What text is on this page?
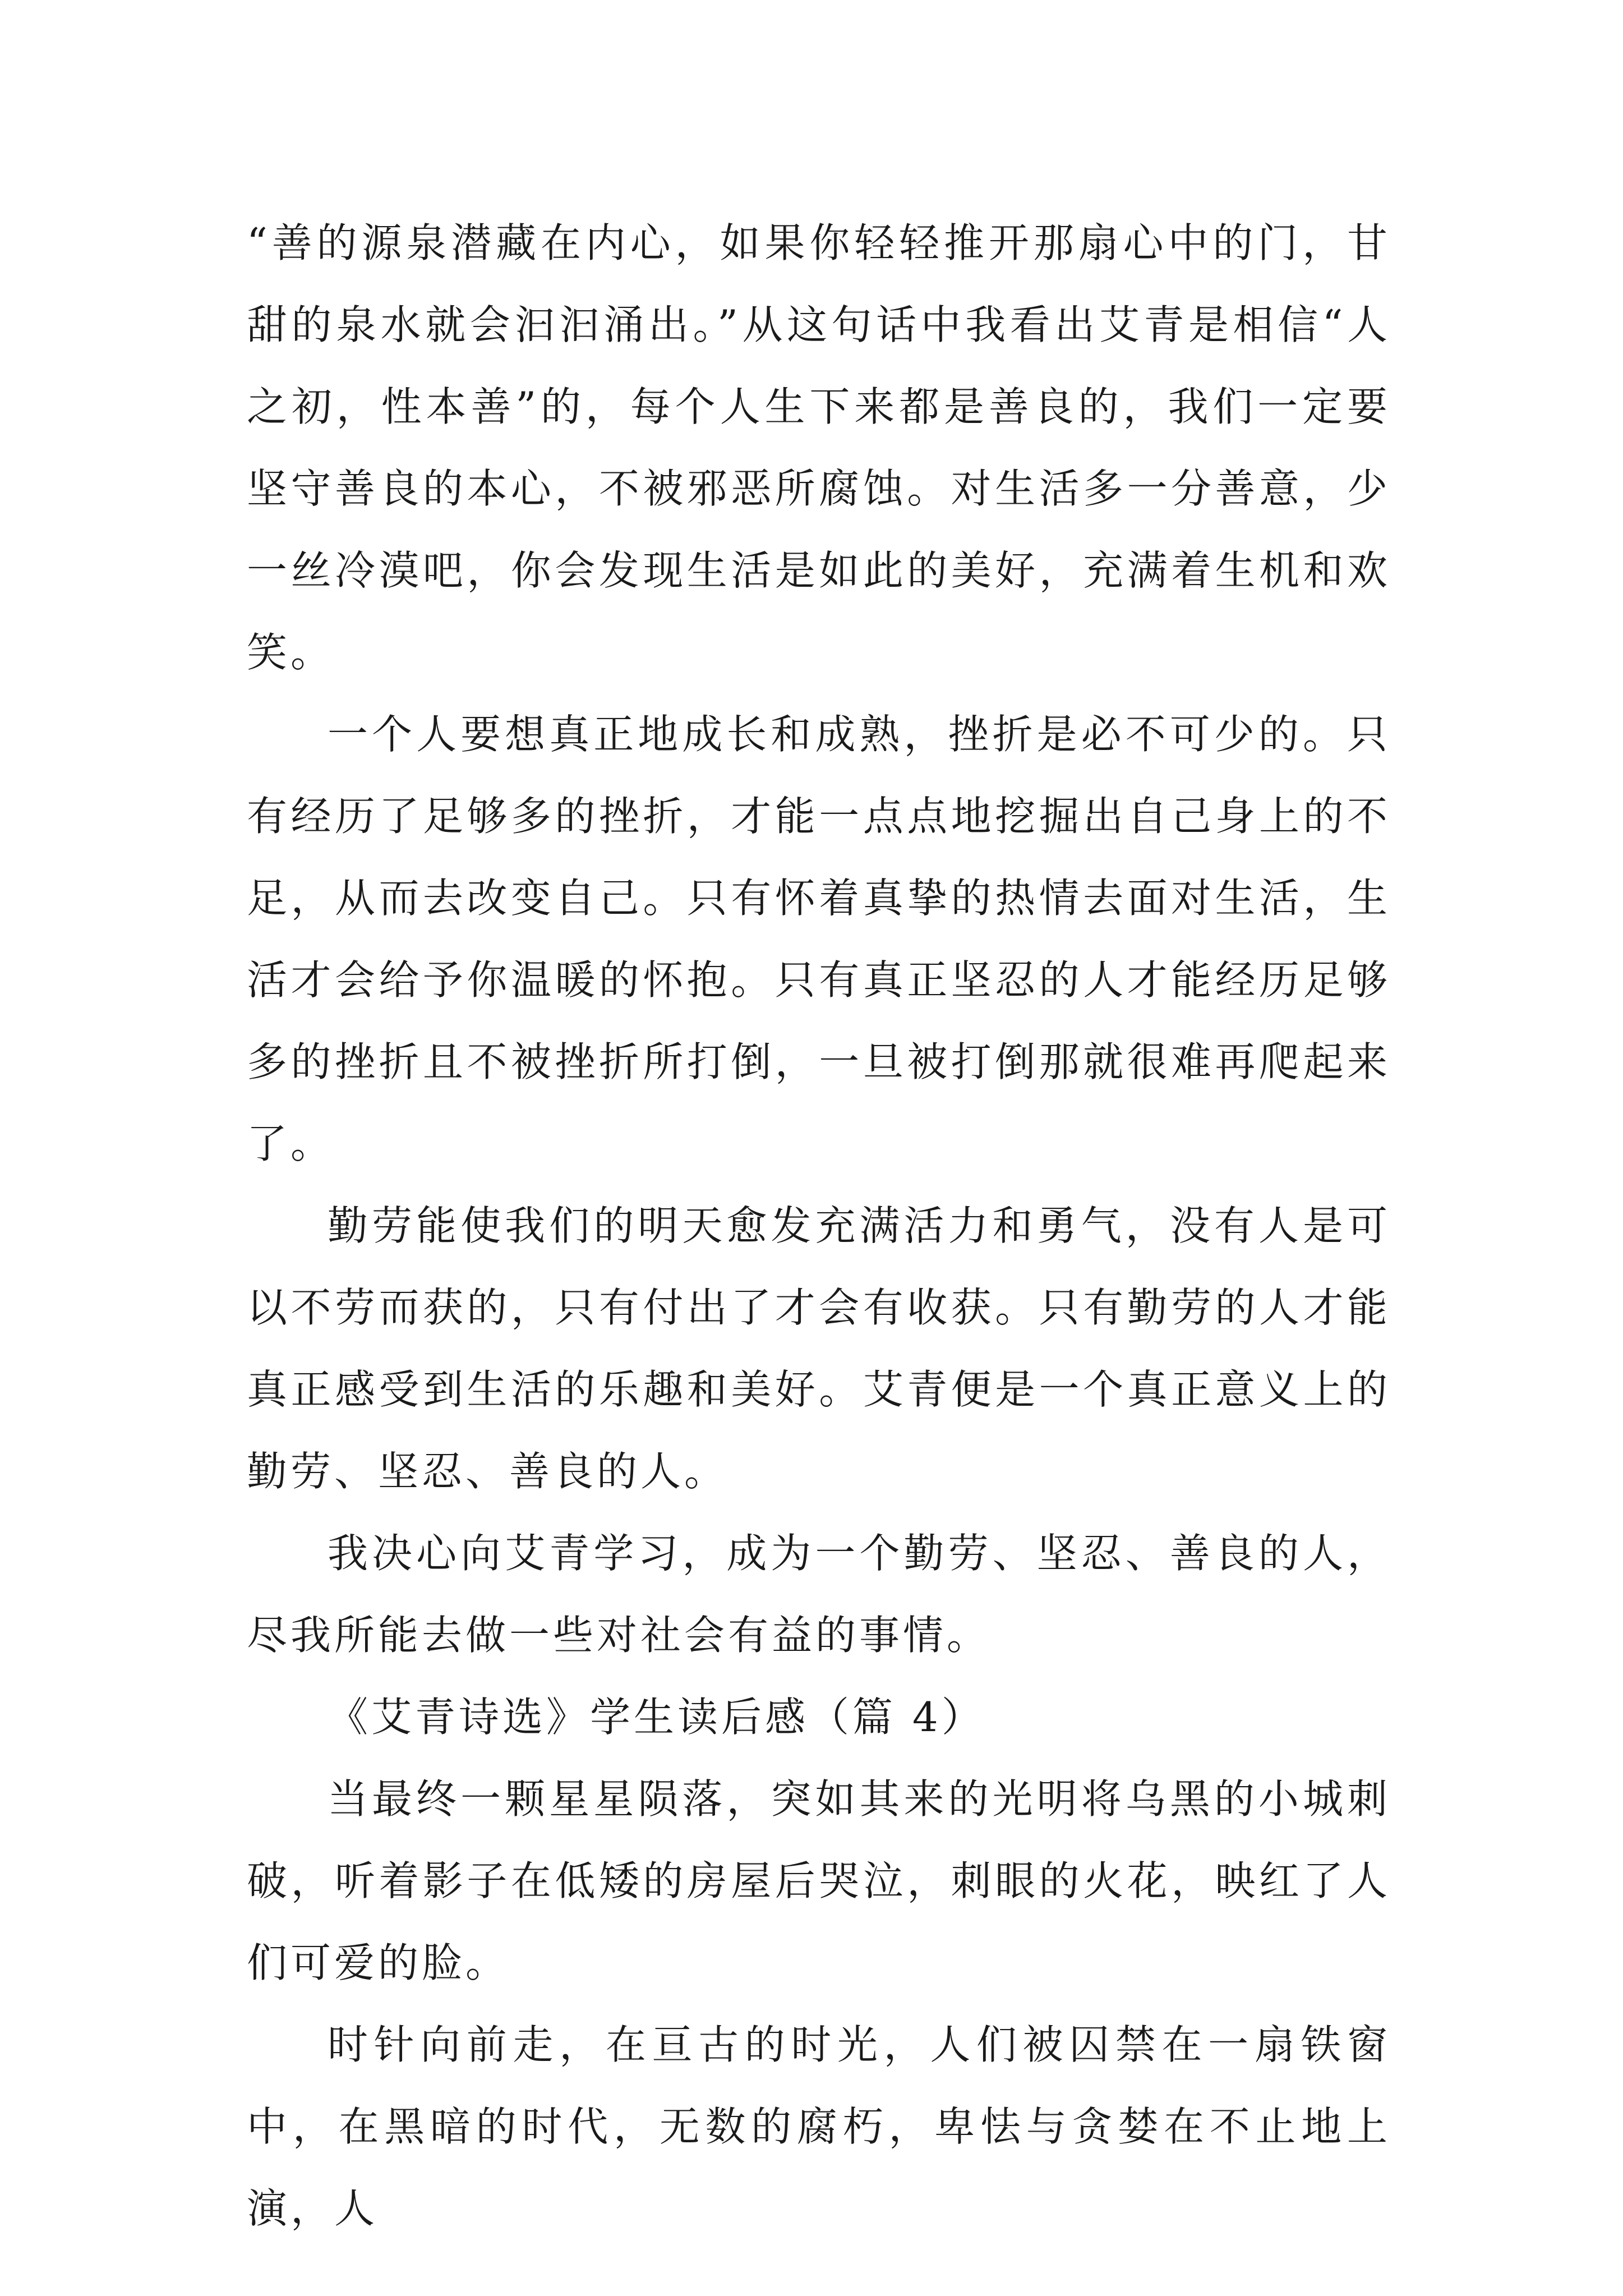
“善的源泉潜藏在内心，如果你轻轻推开那扇心中的门，甘甜的泉水就会汩汩涌出。”从这句话中我看出艾青是相信“人之初，性本善”的，每个人生下来都是善良的，我们一定要坚守善良的本心，不被邪恶所腐蚀。对生活多一分善意，少一丝冷漠吧，你会发现生活是如此的美好，充满着生机和欢笑。

一个人要想真正地成长和成熟，挫折是必不可少的。只有经历了足够多的挫折，才能一点点地挖掘出自己身上的不足，从而去改变自己。只有怀着真挚的热情去面对生活，生活才会给予你温暖的怀抱。只有真正坚忍的人才能经历足够多的挫折且不被挫折所打倒，一旦被打倒那就很难再爬起来了。

勤劳能使我们的明天愈发充满活力和勇气，没有人是可以不劳而获的，只有付出了才会有收获。只有勤劳的人才能真正感受到生活的乐趣和美好。艾青便是一个真正意义上的勤劳、坚忍、善良的人。

我决心向艾青学习，成为一个勤劳、坚忍、善良的人，尽我所能去做一些对社会有益的事情。

《艾青诗选》学生读后感（篇 4）

当最终一颗星星陨落，突如其来的光明将乌黑的小城刺破，听着影子在低矮的房屋后哭泣，刺眼的火花，映红了人们可爱的脸。

时针向前走，在亘古的时光，人们被囚禁在一扇铁窗中，在黑暗的时代，无数的腐朽，卑怯与贪婪在不止地上演，人
